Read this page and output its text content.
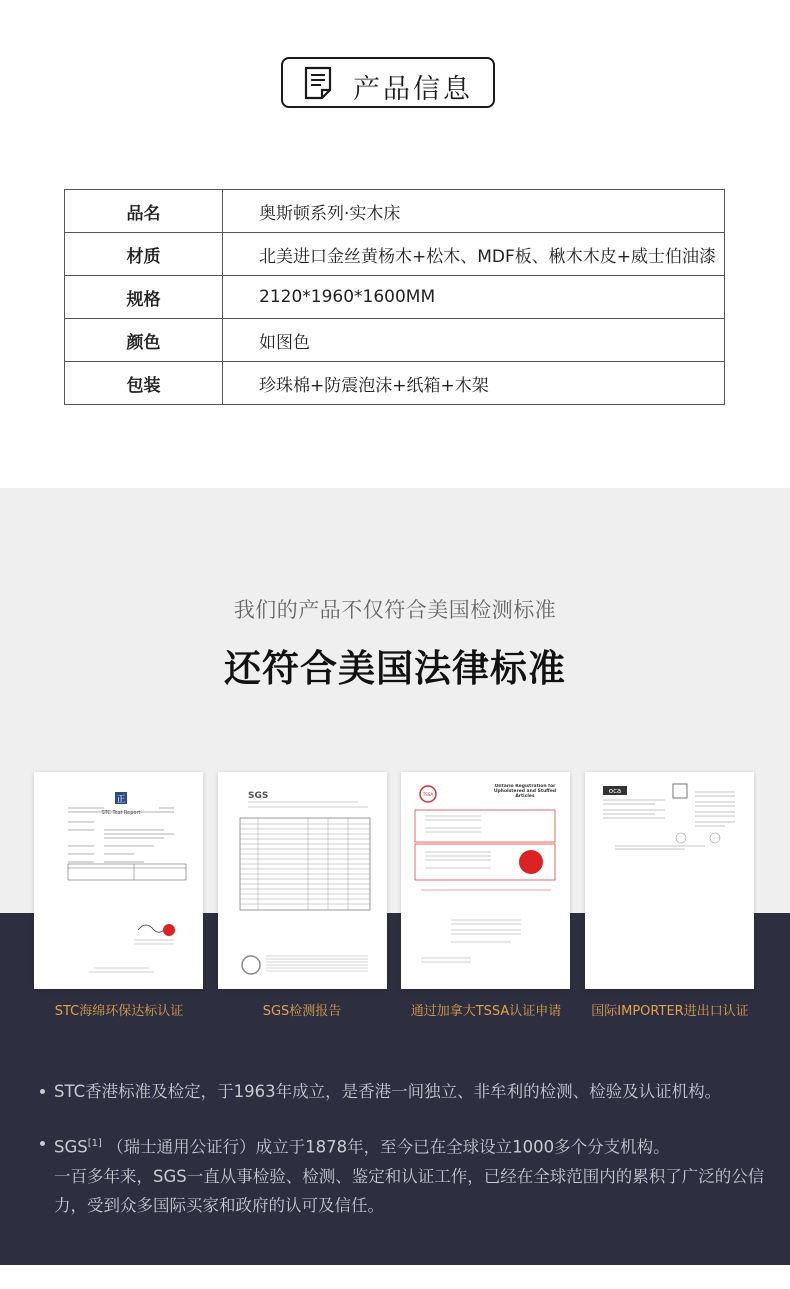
产品信息
品名	奥斯顿系列·实木床
材质	北美进口金丝黄杨木+松木、MDF板、楸木木皮+威士伯油漆
规格	2120*1960*1600MM
颜色	如图色
包装	珍珠棉+防震泡沫+纸箱+木架
我们的产品不仅符合美国检测标准
还符合美国法律标准
正
STC Test Report
SGS	TSSA
Ontario Registration for Upholstered and Stuffed Articles
oca
STC海绵环保达标认证	SGS检测报告	通过加拿大TSSA认证申请	国际IMPORTER进出口认证
STC香港标准及检定，于1963年成立，是香港一间独立、非牟利的检测、检验及认证机构。
SGS[1] （瑞士通用公证行）成立于1878年，至今已在全球设立1000多个分支机构。
一百多年来，SGS一直从事检验、检测、鉴定和认证工作，已经在全球范围内的累积了广泛的公信力，受到众多国际买家和政府的认可及信任。
